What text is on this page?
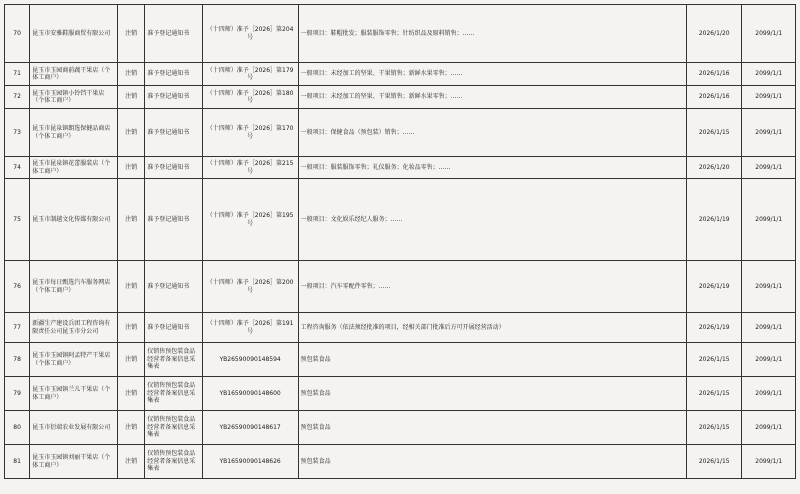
70	昆玉市安雅鞋服商贸有限公司	注销	准予登记通知书	（十四师）准予［2026］第204号	一般项目：鞋帽批发；服装服饰零售；针纺织品及原料销售；……	2026/1/20	2099/1/1
71	昆玉市玉园商前蔬干果店（个体工商户）	注销	准予登记通知书	（十四师）准予［2026］第179号	一般项目：未经加工的坚果、干果销售；新鲜水果零售；……	2026/1/16	2099/1/1
72	昆玉市玉园镇小铃铛干果店（个体工商户）	注销	准予登记通知书	（十四师）准予［2026］第180号	一般项目：未经加工的坚果、干果销售；新鲜水果零售；……	2026/1/16	2099/1/1
73	昆玉市昆泉镇朗选保健品商店（个体工商户）	注销	准予登记通知书	（十四师）准予［2026］第170号	一般项目：保健食品（预包装）销售；……	2026/1/15	2099/1/1
74	昆玉市昆泉镇花蕾服装店（个体工商户）	注销	准予登记通知书	（十四师）准予［2026］第215号	一般项目：服装服饰零售；礼仪服务；化妆品零售；……	2026/1/20	2099/1/1
75	昆玉市制越文化传媒有限公司	注销	准予登记通知书	（十四师）准予［2026］第195号	一般项目：文化娱乐经纪人服务；……	2026/1/19	2099/1/1
76	昆玉市每日甄选汽车服务网店（个体工商户）	注销	准予登记通知书	（十四师）准予［2026］第200号	一般项目：汽车零配件零售；……	2026/1/19	2099/1/1
77	新疆生产建设兵团工程咨询有限责任公司昆玉市分公司	注销	准予登记通知书	（十四师）准予［2026］第191号	工程咨询服务（依法须经批准的项目，经相关部门批准后方可开展经营活动）	2026/1/19	2099/1/1
78	昆玉市玉园镇阿孟特产干果店（个体工商户）	注销	仅销售预包装食品经营者备案信息采集表	YB26590090148594	预包装食品	2026/1/15	2099/1/1
79	昆玉市玉园镇兰儿干果店（个体工商户）	注销	仅销售预包装食品经营者备案信息采集表	YB16590090148600	预包装食品	2026/1/15	2099/1/1
80	昆玉市衍端农业发展有限公司	注销	仅销售预包装食品经营者备案信息采集表	YB26590090148617	预包装食品	2026/1/15	2099/1/1
81	昆玉市玉园镇刘丽干果店（个体工商户）	注销	仅销售预包装食品经营者备案信息采集表	YB16590090148626	预包装食品	2026/1/15	2099/1/1
